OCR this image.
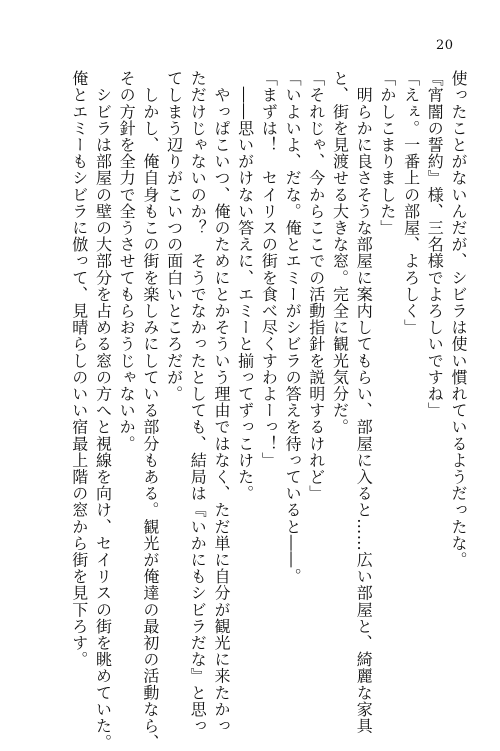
20
使ったことがないんだが、シビラは使い慣れているようだったな。
『宵闇の誓約』様、三名様でよろしいですね」
「えぇ。一番上の部屋、よろしく」
「かしこまりました」
　明らかに良さそうな部屋に案内してもらい、部屋に入ると……広い部屋と、綺麗な家具
と、街を見渡せる大きな窓。完全に観光気分だ。
「それじゃ、今からここでの活動指針を説明するけれど」
「いよいよ、だな。俺とエミーがシビラの答えを待っていると――。
「まずは！　セイリスの街を食べ尽くすわよーっ！」
　――思いがけない答えに、エミーと揃ってずっこけた。
　やっぱこいつ、俺のためにとかそういう理由ではなく、ただ単に自分が観光に来たかっ
ただけじゃないのか？　そうでなかったとしても、結局は『いかにもシビラだな』と思っ
てしまう辺りがこいつの面白いところだが。
　しかし、俺自身もこの街を楽しみにしている部分もある。観光が俺達の最初の活動なら、
その方針を全力で全うさせてもらおうじゃないか。
　シビラは部屋の壁の大部分を占める窓の方へと視線を向け、セイリスの街を眺めていた。
俺とエミーもシビラに倣って、見晴らしのいい宿最上階の窓から街を見下ろす。
